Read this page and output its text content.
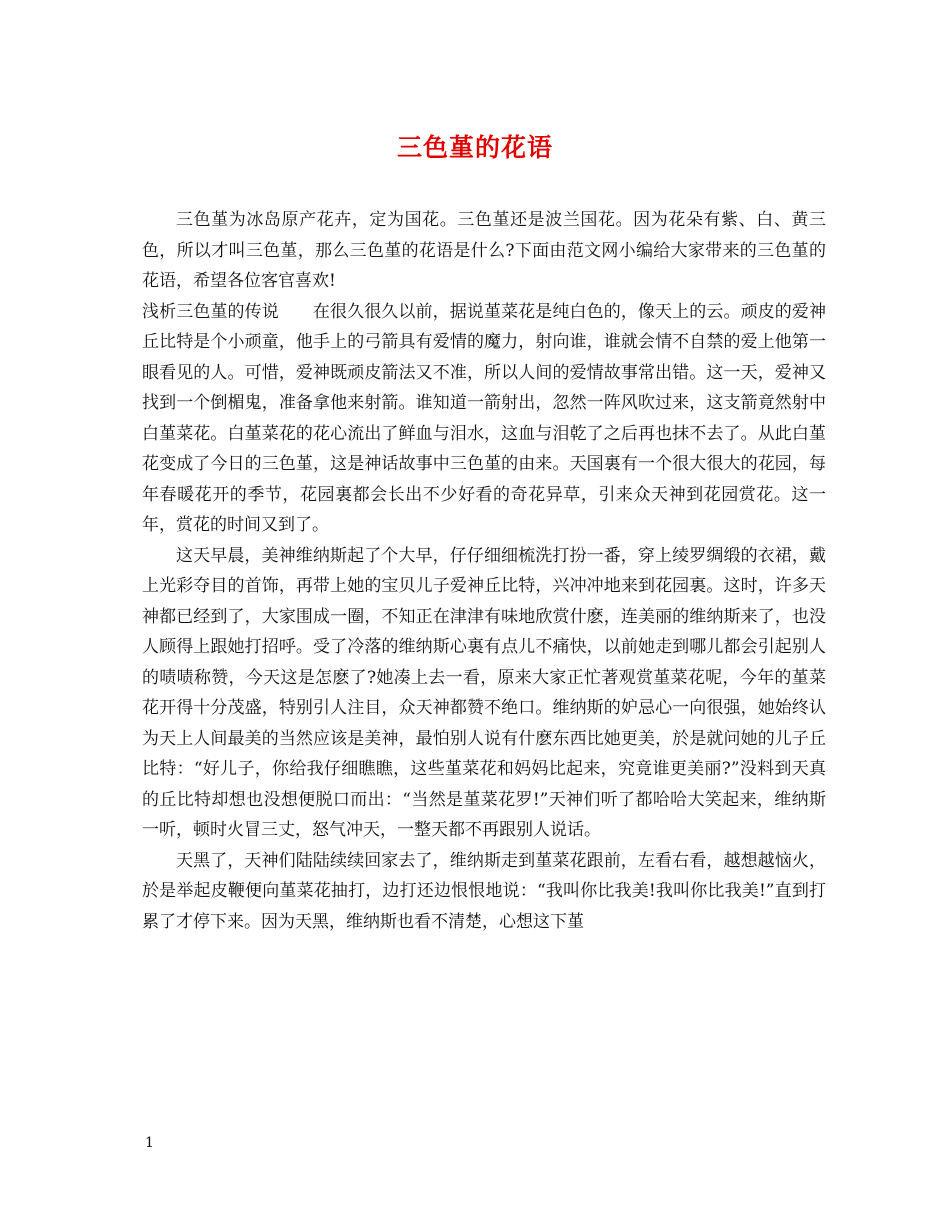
三色堇的花语

三色堇为冰岛原产花卉，定为国花。三色堇还是波兰国花。因为花朵有紫、白、黄三色，所以才叫三色堇，那么三色堇的花语是什么?下面由范文网小编给大家带来的三色堇的花语，希望各位客官喜欢!

浅析三色堇的传说 在很久很久以前，据说堇菜花是纯白色的，像天上的云。顽皮的爱神丘比特是个小顽童，他手上的弓箭具有爱情的魔力，射向谁，谁就会情不自禁的爱上他第一眼看见的人。可惜，爱神既顽皮箭法又不准，所以人间的爱情故事常出错。这一天，爱神又找到一个倒楣鬼，准备拿他来射箭。谁知道一箭射出，忽然一阵风吹过来，这支箭竟然射中白堇菜花。白堇菜花的花心流出了鲜血与泪水，这血与泪乾了之后再也抹不去了。从此白堇花变成了今日的三色堇，这是神话故事中三色堇的由来。天国裏有一个很大很大的花园，每年春暖花开的季节，花园裏都会长出不少好看的奇花异草，引来众天神到花园赏花。这一年，赏花的时间又到了。

这天早晨，美神维纳斯起了个大早，仔仔细细梳洗打扮一番，穿上绫罗绸缎的衣裙，戴上光彩夺目的首饰，再带上她的宝贝儿子爱神丘比特，兴冲冲地来到花园裏。这时，许多天神都已经到了，大家围成一圈，不知正在津津有味地欣赏什麽，连美丽的维纳斯来了，也没人顾得上跟她打招呼。受了冷落的维纳斯心裏有点儿不痛快，以前她走到哪儿都会引起别人的啧啧称赞，今天这是怎麽了?她凑上去一看，原来大家正忙著观赏堇菜花呢，今年的堇菜花开得十分茂盛，特别引人注目，众天神都赞不绝口。维纳斯的妒忌心一向很强，她始终认为天上人间最美的当然应该是美神，最怕别人说有什麽东西比她更美，於是就问她的儿子丘比特：“好儿子，你给我仔细瞧瞧，这些堇菜花和妈妈比起来，究竟谁更美丽?”没料到天真的丘比特却想也没想便脱口而出：“当然是堇菜花罗!”天神们听了都哈哈大笑起来，维纳斯一听，顿时火冒三丈，怒气冲天，一整天都不再跟别人说话。

天黑了，天神们陆陆续续回家去了，维纳斯走到堇菜花跟前，左看右看，越想越恼火，於是举起皮鞭便向堇菜花抽打，边打还边恨恨地说：“我叫你比我美!我叫你比我美!”直到打累了才停下来。因为天黑，维纳斯也看不清楚，心想这下堇

1
